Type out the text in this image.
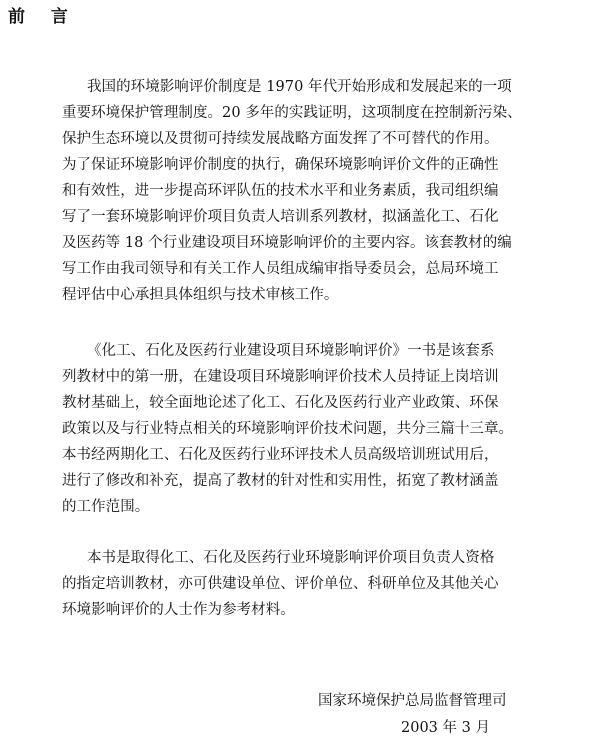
前 言
我国的环境影响评价制度是 1970 年代开始形成和发展起来的一项
重要环境保护管理制度。20 多年的实践证明，这项制度在控制新污染、
保护生态环境以及贯彻可持续发展战略方面发挥了不可替代的作用。
为了保证环境影响评价制度的执行，确保环境影响评价文件的正确性
和有效性，进一步提高环评队伍的技术水平和业务素质，我司组织编
写了一套环境影响评价项目负责人培训系列教材，拟涵盖化工、石化
及医药等 18 个行业建设项目环境影响评价的主要内容。该套教材的编
写工作由我司领导和有关工作人员组成编审指导委员会，总局环境工
程评估中心承担具体组织与技术审核工作。
《化工、石化及医药行业建设项目环境影响评价》一书是该套系
列教材中的第一册，在建设项目环境影响评价技术人员持证上岗培训
教材基础上，较全面地论述了化工、石化及医药行业产业政策、环保
政策以及与行业特点相关的环境影响评价技术问题，共分三篇十三章。
本书经两期化工、石化及医药行业环评技术人员高级培训班试用后，
进行了修改和补充，提高了教材的针对性和实用性，拓宽了教材涵盖
的工作范围。
本书是取得化工、石化及医药行业环境影响评价项目负责人资格
的指定培训教材，亦可供建设单位、评价单位、科研单位及其他关心
环境影响评价的人士作为参考材料。
国家环境保护总局监督管理司
2003 年 3 月
